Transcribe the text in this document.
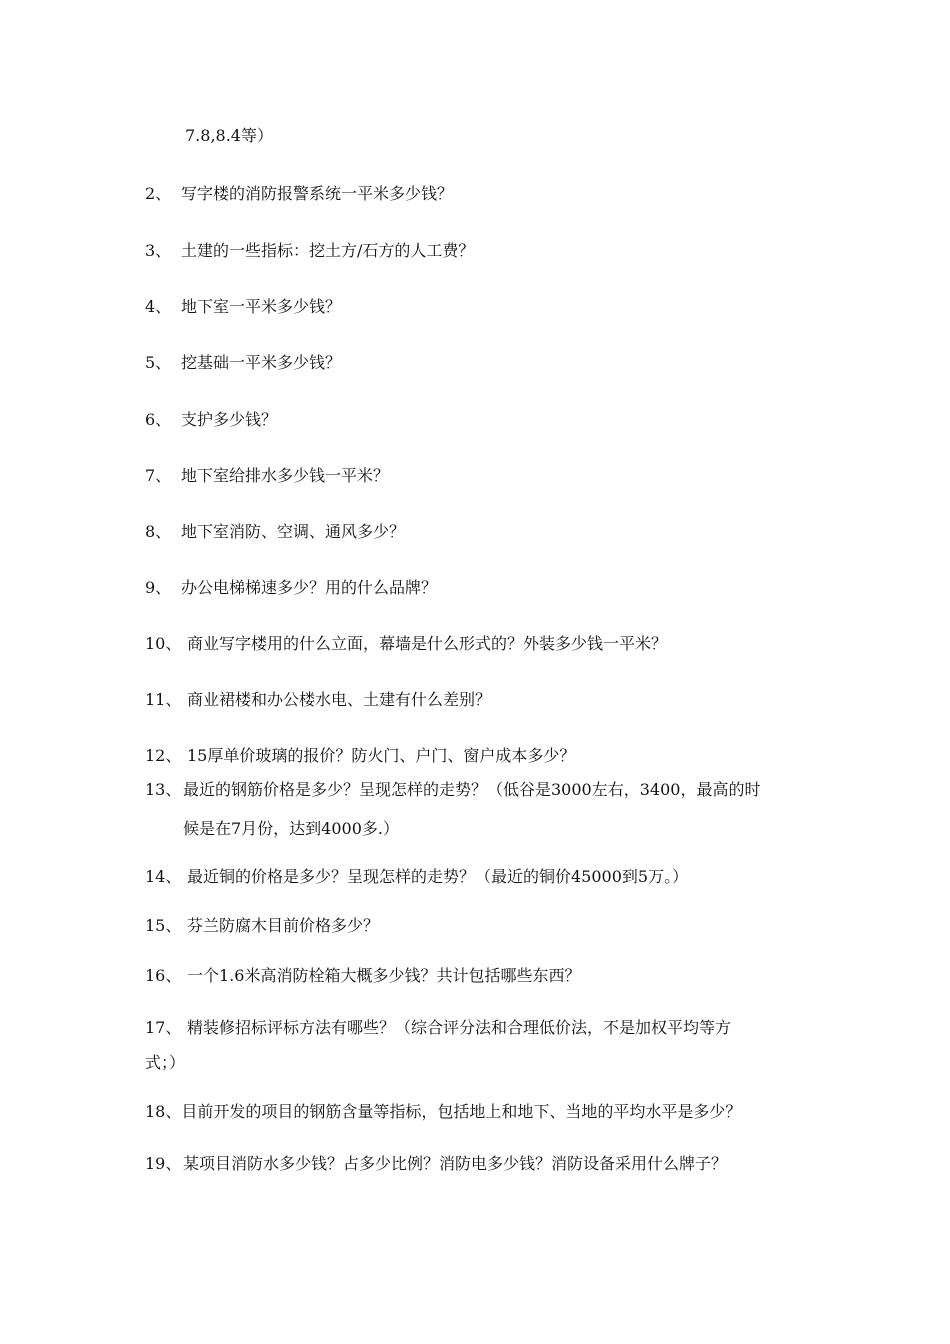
7.8,8.4等）
2、 写字楼的消防报警系统一平米多少钱？
3、 土建的一些指标：挖土方/石方的人工费？
4、 地下室一平米多少钱？
5、 挖基础一平米多少钱？
6、 支护多少钱？
7、 地下室给排水多少钱一平米？
8、 地下室消防、空调、通风多少？
9、 办公电梯梯速多少？用的什么品牌？
10、 商业写字楼用的什么立面，幕墙是什么形式的？外装多少钱一平米？
11、 商业裙楼和办公楼水电、土建有什么差别？
12、 15厚单价玻璃的报价？防火门、户门、窗户成本多少？
13、 最近的钢筋价格是多少？呈现怎样的走势？（低谷是3000左右，3400，最高的时
候是在7月份，达到4000多.）
14、 最近铜的价格是多少？呈现怎样的走势？（最近的铜价45000到5万。）
15、 芬兰防腐木目前价格多少？
16、 一个1.6米高消防栓箱大概多少钱？共计包括哪些东西？
17、 精装修招标评标方法有哪些？（综合评分法和合理低价法，不是加权平均等方
式；）
18、目前开发的项目的钢筋含量等指标，包括地上和地下、当地的平均水平是多少？
19、 某项目消防水多少钱？占多少比例？消防电多少钱？消防设备采用什么牌子？
